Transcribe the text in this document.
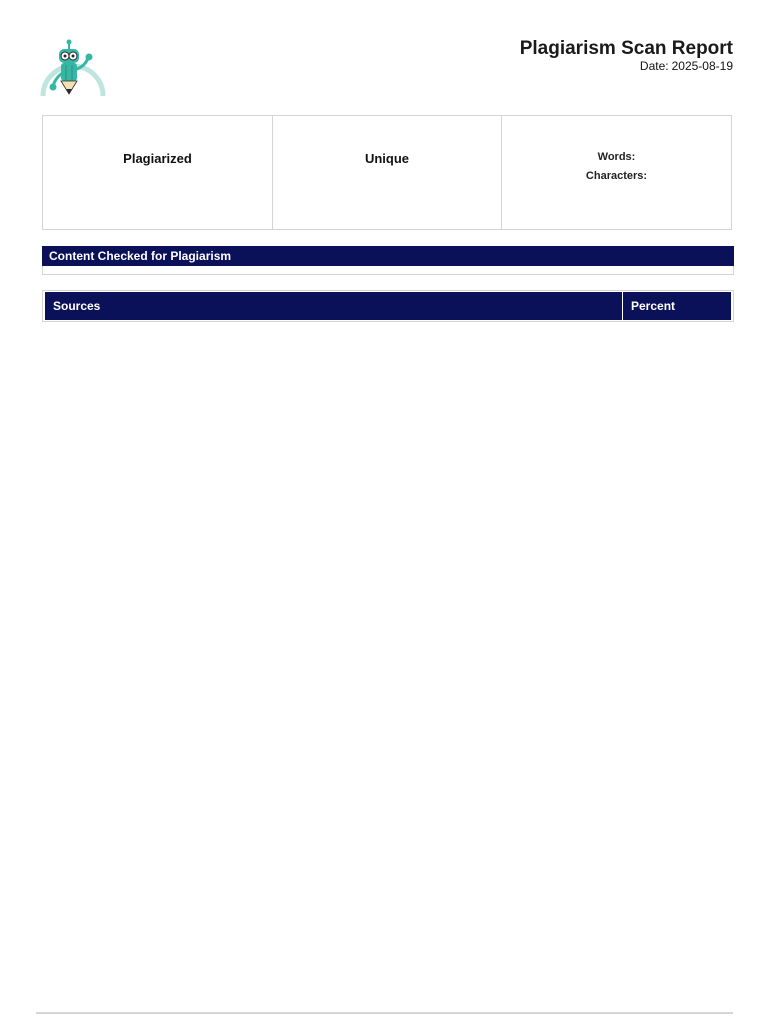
Plagiarism Scan Report
Date: 2025-08-19
Plagiarized	Unique	Words:
Characters:
Content Checked for Plagiarism
Sources	Percent
